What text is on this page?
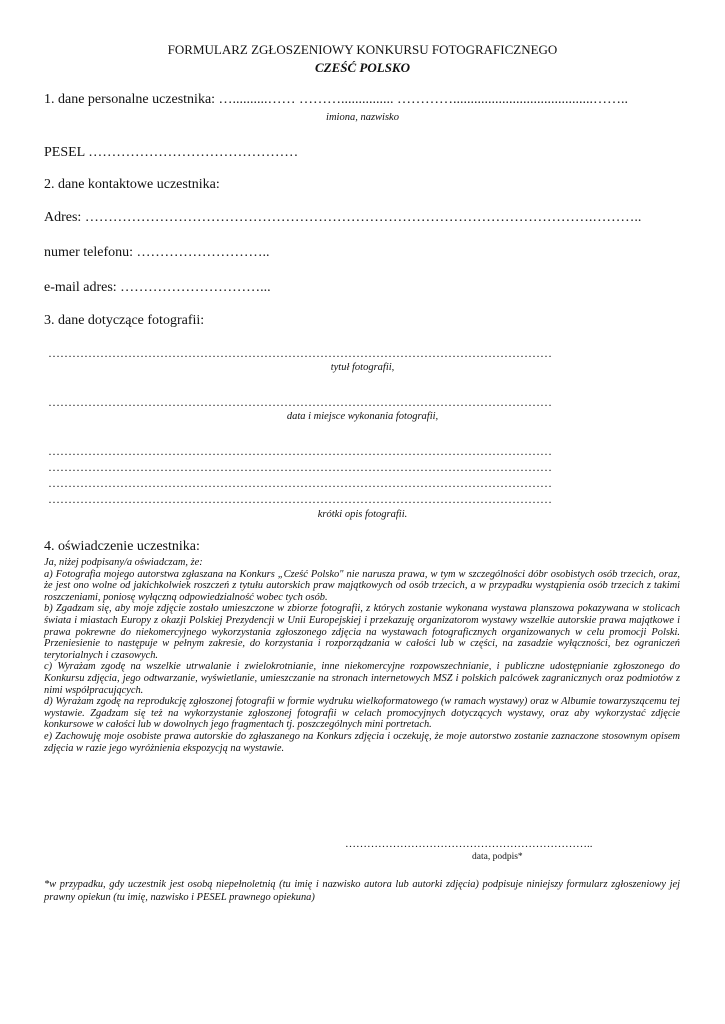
FORMULARZ ZGŁOSZENIOWY KONKURSU FOTOGRAFICZNEGO
CZEŚĆ POLSKO
1. dane personalne uczestnika: …..........…… ………............... …………........................................……..
imiona, nazwisko
PESEL ………………………………………
2. dane kontaktowe uczestnika:
Adres: ……………………………………………………………………………………………….………..
numer telefonu: ………………………..
e-mail adres: …………………………...
3. dane dotyczące fotografii:
………………………………………………………………………………………………………………
tytuł fotografii,
………………………………………………………………………………………………………………
data i miejsce wykonania fotografii,
………………………………………………………………………………………………………………
………………………………………………………………………………………………………………
………………………………………………………………………………………………………………
………………………………………………………………………………………………………………
krótki opis fotografii.
4. oświadczenie uczestnika:

Ja, niżej podpisany/a oświadczam, że:

a) Fotografia mojego autorstwa zgłaszana na Konkurs „Cześć Polsko" nie narusza prawa, w tym w szczególności dóbr osobistych osób trzecich, oraz, że jest ono wolne od jakichkolwiek roszczeń z tytułu autorskich praw majątkowych od osób trzecich, a w przypadku wystąpienia osób trzecich z takimi roszczeniami, poniosę wyłączną odpowiedzialność wobec tych osób.

b) Zgadzam się, aby moje zdjęcie zostało umieszczone w zbiorze fotografii, z których zostanie wykonana wystawa planszowa pokazywana w stolicach świata i miastach Europy z okazji Polskiej Prezydencji w Unii Europejskiej i przekazuję organizatorom wystawy wszelkie autorskie prawa majątkowe i prawa pokrewne do niekomercyjnego wykorzystania zgłoszonego zdjęcia na wystawach fotograficznych organizowanych w celu promocji Polski. Przeniesienie to następuje w pełnym zakresie, do korzystania i rozporządzania w całości lub w części, na zasadzie wyłączności, bez ograniczeń terytorialnych i czasowych.

c) Wyrażam zgodę na wszelkie utrwalanie i zwielokrotnianie, inne niekomercyjne rozpowszechnianie, i publiczne udostępnianie zgłoszonego do Konkursu zdjęcia, jego odtwarzanie, wyświetlanie, umieszczanie na stronach internetowych MSZ i polskich palcówek zagranicznych oraz podmiotów z nimi współpracujących.

d) Wyrażam zgodę na reprodukcję zgłoszonej fotografii w formie wydruku wielkoformatowego (w ramach wystawy) oraz w Albumie towarzyszącemu tej wystawie. Zgadzam się też na wykorzystanie zgłoszonej fotografii w celach promocyjnych dotyczących wystawy, oraz aby wykorzystać zdjęcie konkursowe w całości lub w dowolnych jego fragmentach tj. poszczególnych mini portretach.

e) Zachowuję moje osobiste prawa autorskie do zgłaszanego na Konkurs zdjęcia i oczekuję, że moje autorstwo zostanie zaznaczone stosownym opisem zdjęcia w razie jego wyróżnienia ekspozycją na wystawie.

…………………………………………………………..
data, podpis*
*w przypadku, gdy uczestnik jest osobą niepełnoletnią (tu imię i nazwisko autora lub autorki zdjęcia) podpisuje niniejszy formularz zgłoszeniowy jej prawny opiekun (tu imię, nazwisko i PESEL prawnego opiekuna)
